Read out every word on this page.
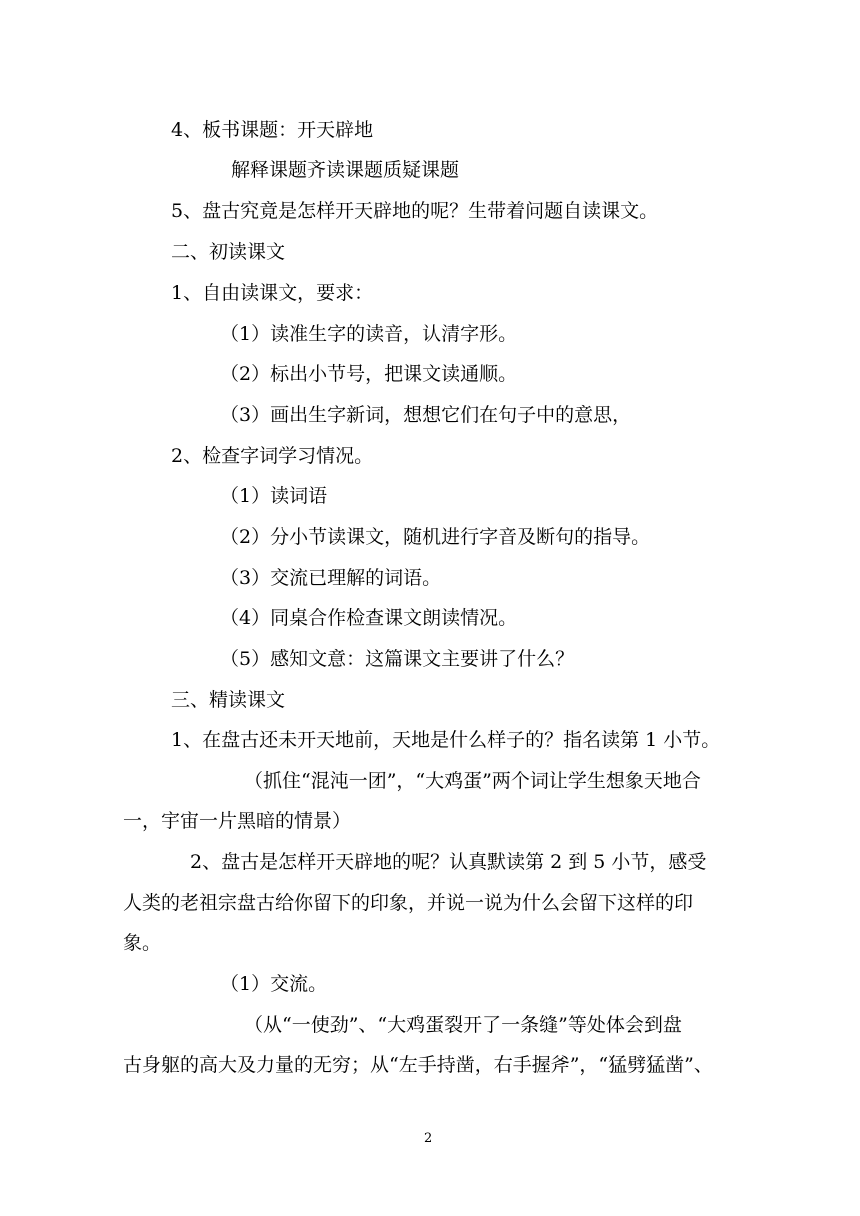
4、板书课题：开天辟地
解释课题齐读课题质疑课题
5、盘古究竟是怎样开天辟地的呢？生带着问题自读课文。
二、初读课文
1、自由读课文，要求：
（1）读准生字的读音，认清字形。
（2）标出小节号，把课文读通顺。
（3）画出生字新词，想想它们在句子中的意思，
2、检查字词学习情况。
（1）读词语
（2）分小节读课文，随机进行字音及断句的指导。
（3）交流已理解的词语。
（4）同桌合作检查课文朗读情况。
（5）感知文意：这篇课文主要讲了什么？
三、精读课文
1、在盘古还未开天地前，天地是什么样子的？指名读第 1 小节。
（抓住“混沌一团”，“大鸡蛋”两个词让学生想象天地合
一，宇宙一片黑暗的情景）
2、盘古是怎样开天辟地的呢？认真默读第 2 到 5 小节，感受
人类的老祖宗盘古给你留下的印象，并说一说为什么会留下这样的印
象。
（1）交流。
（从“一使劲”、“大鸡蛋裂开了一条缝”等处体会到盘
古身躯的高大及力量的无穷；从“左手持凿，右手握斧”，“猛劈猛凿”、
2
